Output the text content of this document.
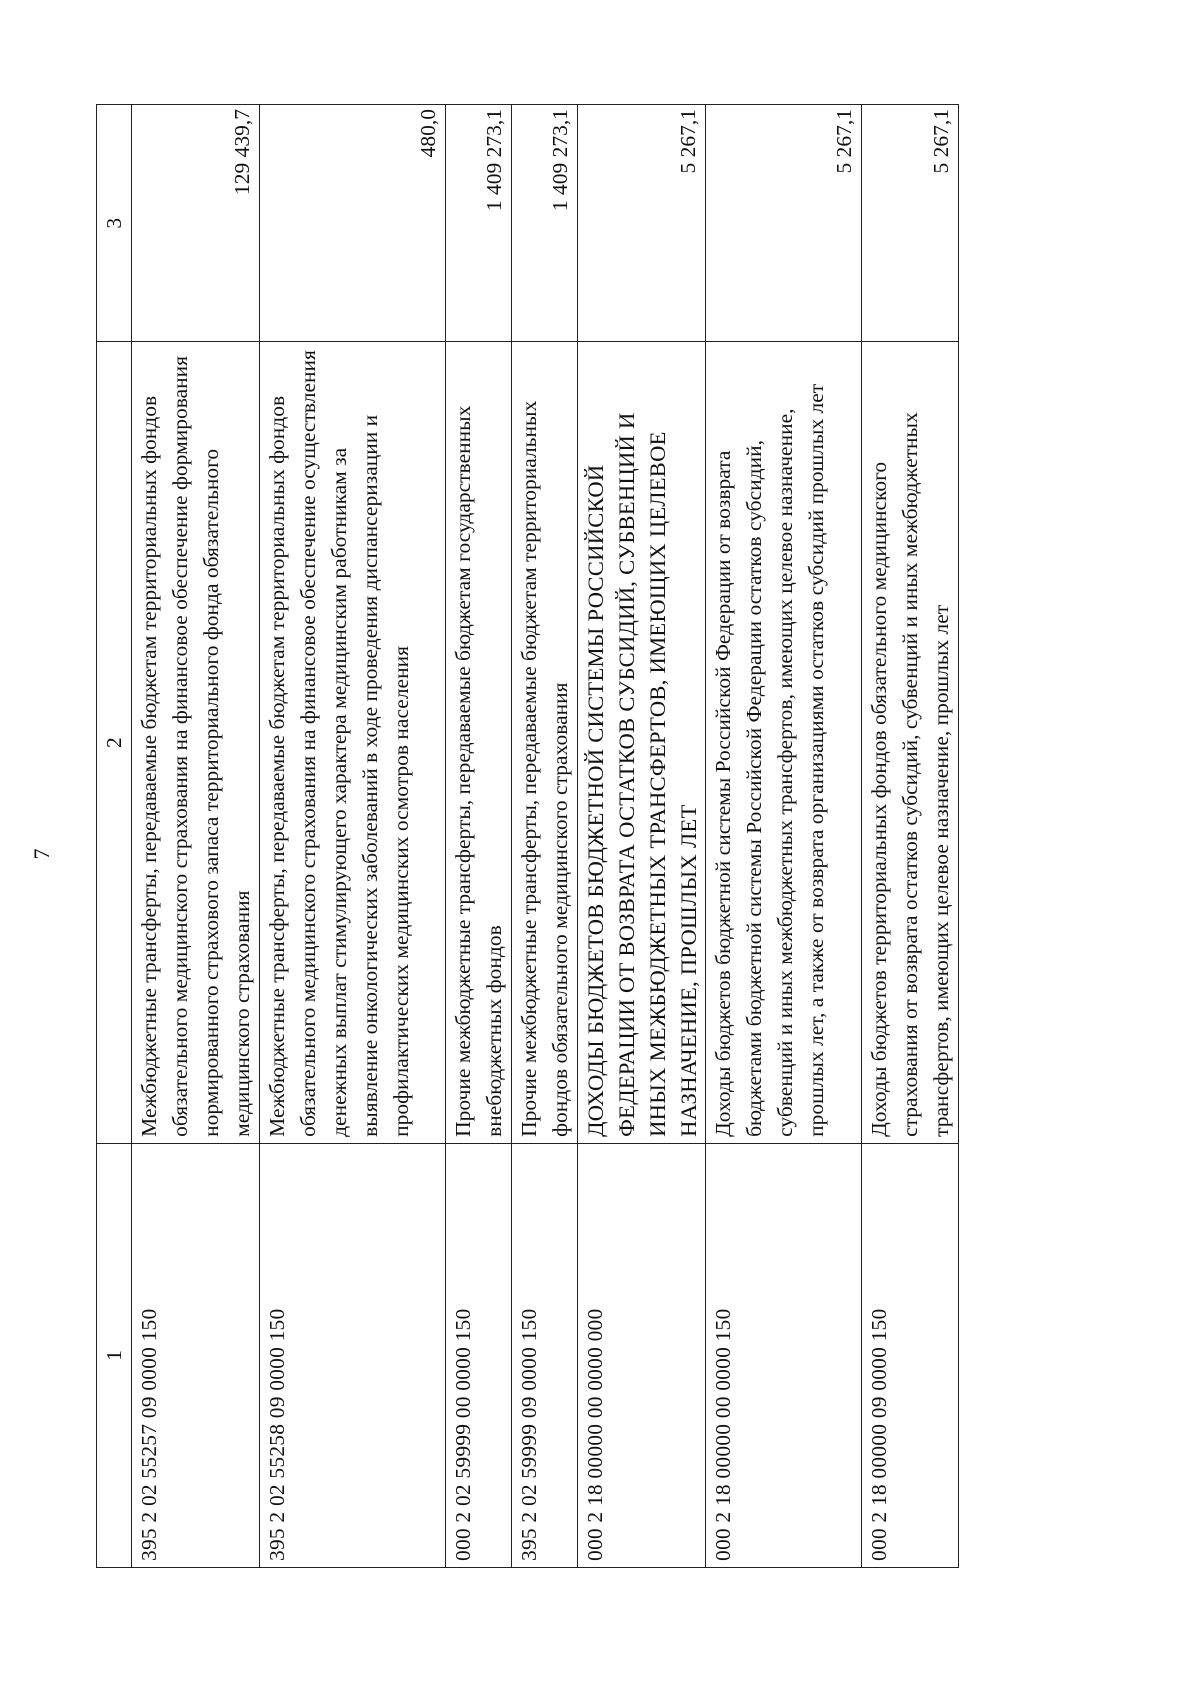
7
1	2	3
395 2 02 55257 09 0000 150	Межбюджетные трансферты, передаваемые бюджетам территориальных фондов обязательного медицинского страхования на финансовое обеспечение формирования нормированного страхового запаса территориального фонда обязательного медицинского страхования	129 439,7
395 2 02 55258 09 0000 150	Межбюджетные трансферты, передаваемые бюджетам территориальных фондов обязательного медицинского страхования на финансовое обеспечение осуществления денежных выплат стимулирующего характера медицинским работникам за выявление онкологических заболеваний в ходе проведения диспансеризации и профилактических медицинских осмотров населения	480,0
000 2 02 59999 00 0000 150	Прочие межбюджетные трансферты, передаваемые бюджетам государственных внебюджетных фондов	1 409 273,1
395 2 02 59999 09 0000 150	Прочие межбюджетные трансферты, передаваемые бюджетам территориальных фондов обязательного медицинского страхования	1 409 273,1
000 2 18 00000 00 0000 000	ДОХОДЫ БЮДЖЕТОВ БЮДЖЕТНОЙ СИСТЕМЫ РОССИЙСКОЙ ФЕДЕРАЦИИ ОТ ВОЗВРАТА ОСТАТКОВ СУБСИДИЙ, СУБВЕНЦИЙ И ИНЫХ МЕЖБЮДЖЕТНЫХ ТРАНСФЕРТОВ, ИМЕЮЩИХ ЦЕЛЕВОЕ НАЗНАЧЕНИЕ, ПРОШЛЫХ ЛЕТ	5 267,1
000 2 18 00000 00 0000 150	Доходы бюджетов бюджетной системы Российской Федерации от возврата бюджетами бюджетной системы Российской Федерации остатков субсидий, субвенций и иных межбюджетных трансфертов, имеющих целевое назначение, прошлых лет, а также от возврата организациями остатков субсидий прошлых лет	5 267,1
000 2 18 00000 09 0000 150	Доходы бюджетов территориальных фондов обязательного медицинского страхования от возврата остатков субсидий, субвенций и иных межбюджетных трансфертов, имеющих целевое назначение, прошлых лет	5 267,1
